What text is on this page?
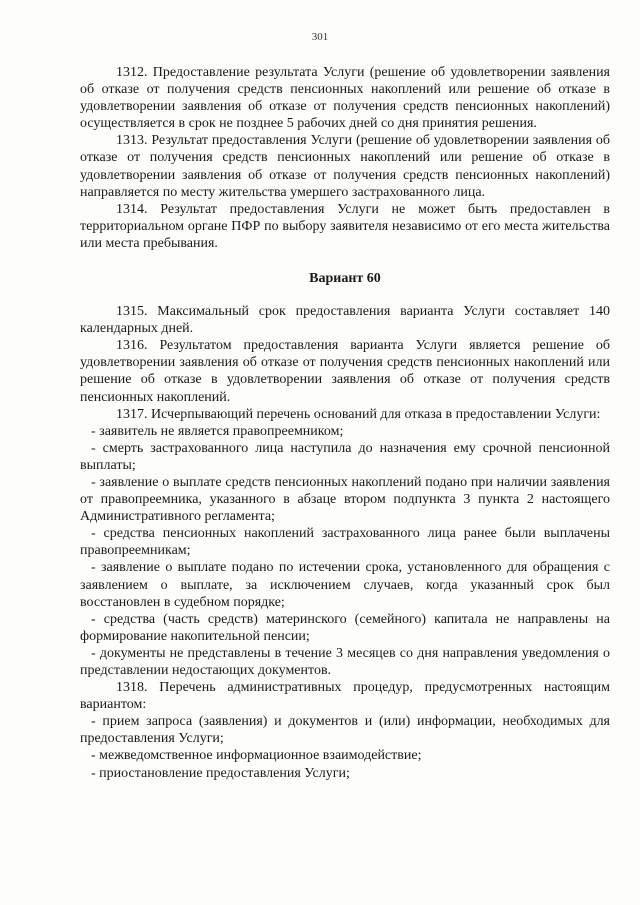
301

1312. Предоставление результата Услуги (решение об удовлетворении заявления об отказе от получения средств пенсионных накоплений или решение об отказе в удовлетворении заявления об отказе от получения средств пенсионных накоплений) осуществляется в срок не позднее 5 рабочих дней со дня принятия решения.

1313. Результат предоставления Услуги (решение об удовлетворении заявления об отказе от получения средств пенсионных накоплений или решение об отказе в удовлетворении заявления об отказе от получения средств пенсионных накоплений) направляется по месту жительства умершего застрахованного лица.

1314. Результат предоставления Услуги не может быть предоставлен в территориальном органе ПФР по выбору заявителя независимо от его места жительства или места пребывания.

Вариант 60

1315. Максимальный срок предоставления варианта Услуги составляет 140 календарных дней.

1316. Результатом предоставления варианта Услуги является решение об удовлетворении заявления об отказе от получения средств пенсионных накоплений или решение об отказе в удовлетворении заявления об отказе от получения средств пенсионных накоплений.

1317. Исчерпывающий перечень оснований для отказа в предоставлении Услуги:

- заявитель не является правопреемником;

- смерть застрахованного лица наступила до назначения ему срочной пенсионной выплаты;

- заявление о выплате средств пенсионных накоплений подано при наличии заявления от правопреемника, указанного в абзаце втором подпункта 3 пункта 2 настоящего Административного регламента;

- средства пенсионных накоплений застрахованного лица ранее были выплачены правопреемникам;

- заявление о выплате подано по истечении срока, установленного для обращения с заявлением о выплате, за исключением случаев, когда указанный срок был восстановлен в судебном порядке;

- средства (часть средств) материнского (семейного) капитала не направлены на формирование накопительной пенсии;

- документы не представлены в течение 3 месяцев со дня направления уведомления о представлении недостающих документов.

1318. Перечень административных процедур, предусмотренных настоящим вариантом:

- прием запроса (заявления) и документов и (или) информации, необходимых для предоставления Услуги;

- межведомственное информационное взаимодействие;

- приостановление предоставления Услуги;
